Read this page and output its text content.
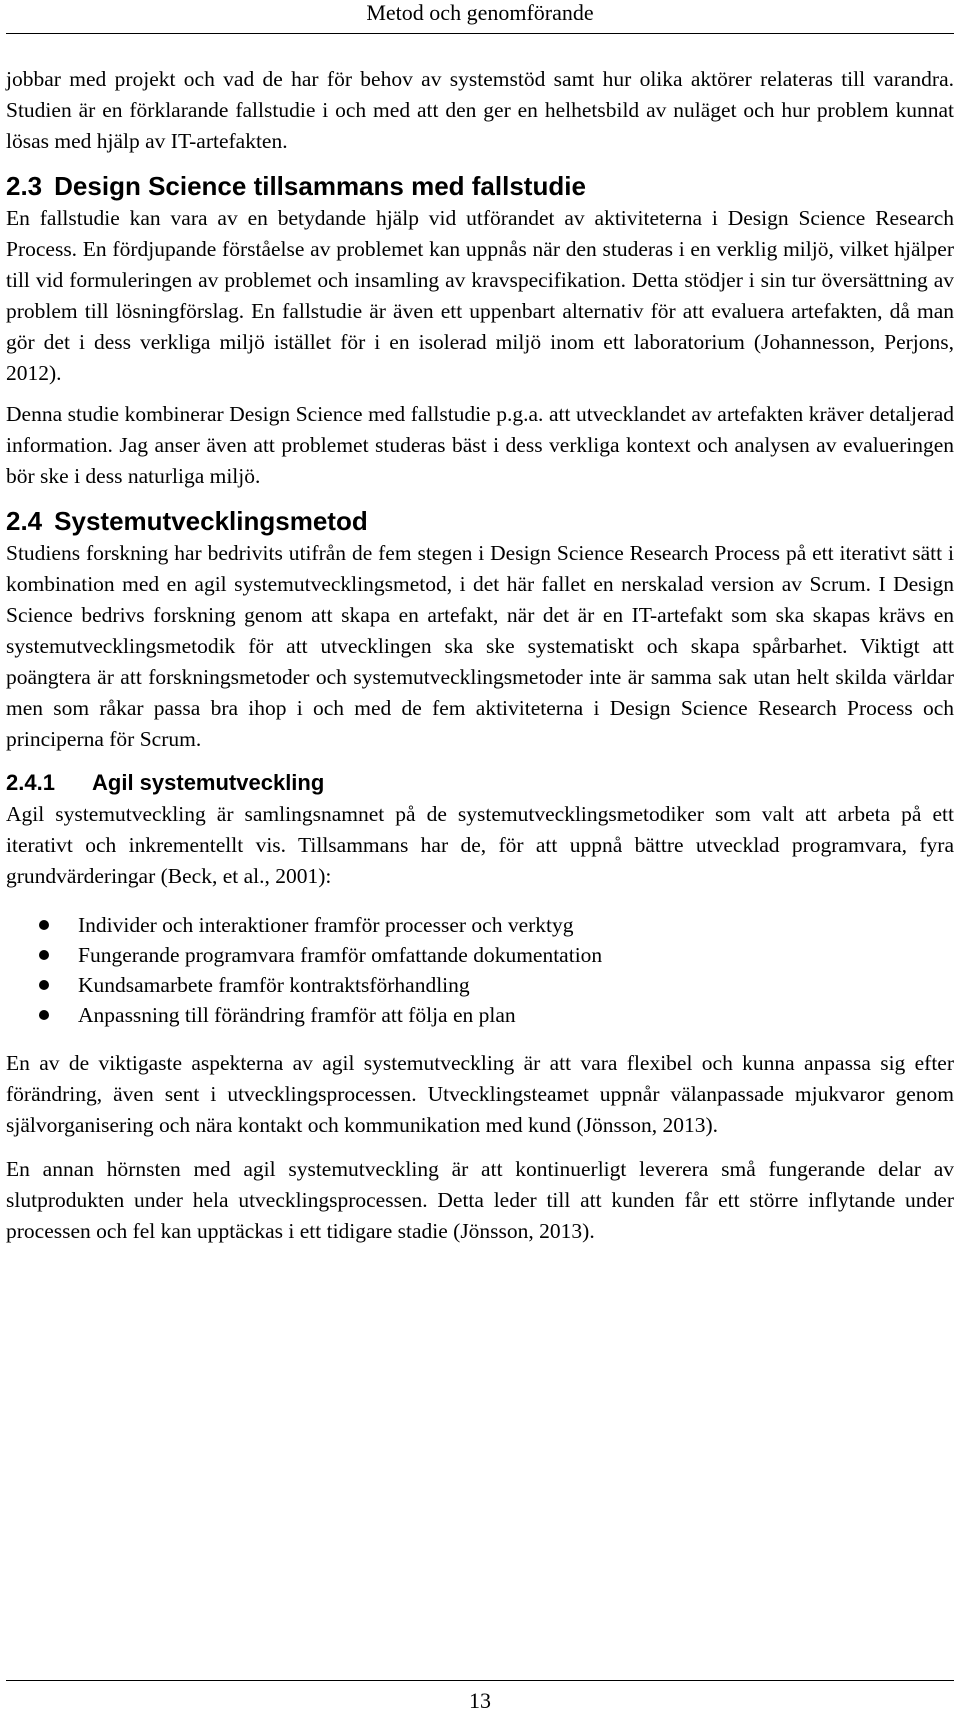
Metod och genomförande

jobbar med projekt och vad de har för behov av systemstöd samt hur olika aktörer relateras till varandra. Studien är en förklarande fallstudie i och med att den ger en helhetsbild av nuläget och hur problem kunnat lösas med hjälp av IT-artefakten.

2.3 Design Science tillsammans med fallstudie

En fallstudie kan vara av en betydande hjälp vid utförandet av aktiviteterna i Design Science Research Process. En fördjupande förståelse av problemet kan uppnås när den studeras i en verklig miljö, vilket hjälper till vid formuleringen av problemet och insamling av kravspecifikation. Detta stödjer i sin tur översättning av problem till lösningförslag. En fallstudie är även ett uppenbart alternativ för att evaluera artefakten, då man gör det i dess verkliga miljö istället för i en isolerad miljö inom ett laboratorium (Johannesson, Perjons, 2012).

Denna studie kombinerar Design Science med fallstudie p.g.a. att utvecklandet av artefakten kräver detaljerad information. Jag anser även att problemet studeras bäst i dess verkliga kontext och analysen av evalueringen bör ske i dess naturliga miljö.

2.4 Systemutvecklingsmetod

Studiens forskning har bedrivits utifrån de fem stegen i Design Science Research Process på ett iterativt sätt i kombination med en agil systemutvecklingsmetod, i det här fallet en nerskalad version av Scrum. I Design Science bedrivs forskning genom att skapa en artefakt, när det är en IT-artefakt som ska skapas krävs en systemutvecklingsmetodik för att utvecklingen ska ske systematiskt och skapa spårbarhet. Viktigt att poängtera är att forskningsmetoder och systemutvecklingsmetoder inte är samma sak utan helt skilda världar men som råkar passa bra ihop i och med de fem aktiviteterna i Design Science Research Process och principerna för Scrum.

2.4.1 Agil systemutveckling

Agil systemutveckling är samlingsnamnet på de systemutvecklingsmetodiker som valt att arbeta på ett iterativt och inkrementellt vis. Tillsammans har de, för att uppnå bättre utvecklad programvara, fyra grundvärderingar (Beck, et al., 2001):

Individer och interaktioner framför processer och verktyg
Fungerande programvara framför omfattande dokumentation
Kundsamarbete framför kontraktsförhandling
Anpassning till förändring framför att följa en plan

En av de viktigaste aspekterna av agil systemutveckling är att vara flexibel och kunna anpassa sig efter förändring, även sent i utvecklingsprocessen. Utvecklingsteamet uppnår välanpassade mjukvaror genom självorganisering och nära kontakt och kommunikation med kund (Jönsson, 2013).

En annan hörnsten med agil systemutveckling är att kontinuerligt leverera små fungerande delar av slutprodukten under hela utvecklingsprocessen. Detta leder till att kunden får ett större inflytande under processen och fel kan upptäckas i ett tidigare stadie (Jönsson, 2013).

13
